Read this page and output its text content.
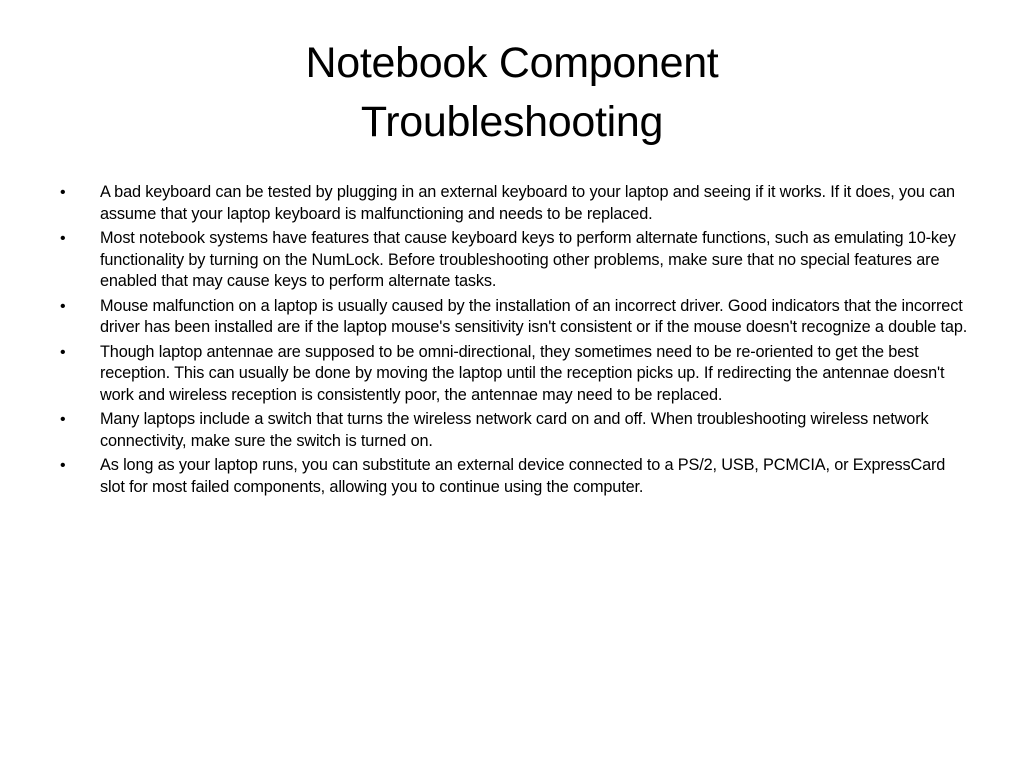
Notebook Component
Troubleshooting
• A bad keyboard can be tested by plugging in an external keyboard to your laptop and seeing if it works. If it does, you can assume that your laptop keyboard is malfunctioning and needs to be replaced.
• Most notebook systems have features that cause keyboard keys to perform alternate functions, such as emulating 10-key functionality by turning on the NumLock. Before troubleshooting other problems, make sure that no special features are enabled that may cause keys to perform alternate tasks.
• Mouse malfunction on a laptop is usually caused by the installation of an incorrect driver. Good indicators that the incorrect driver has been installed are if the laptop mouse's sensitivity isn't consistent or if the mouse doesn't recognize a double tap.
• Though laptop antennae are supposed to be omni-directional, they sometimes need to be re-oriented to get the best reception. This can usually be done by moving the laptop until the reception picks up. If redirecting the antennae doesn't work and wireless reception is consistently poor, the antennae may need to be replaced.
• Many laptops include a switch that turns the wireless network card on and off. When troubleshooting wireless network connectivity, make sure the switch is turned on.
• As long as your laptop runs, you can substitute an external device connected to a PS/2, USB, PCMCIA, or ExpressCard slot for most failed components, allowing you to continue using the computer.
